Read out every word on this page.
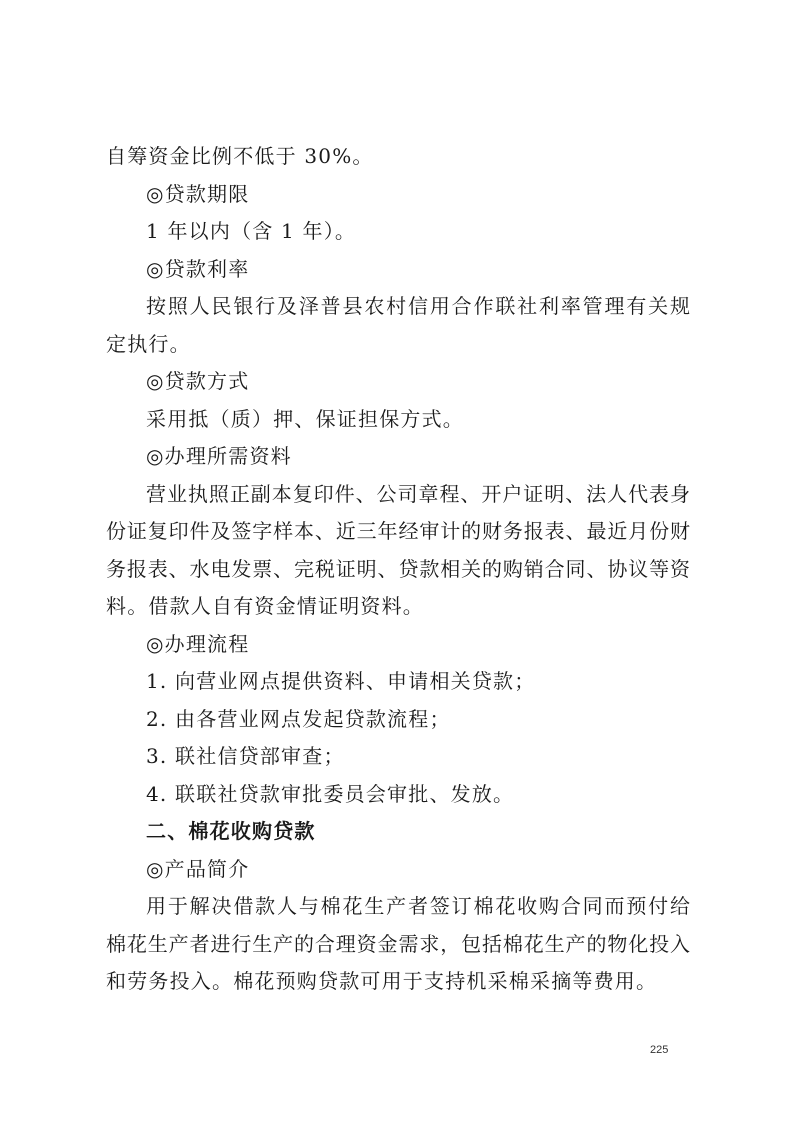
自筹资金比例不低于 30%。
◎贷款期限
1 年以内（含 1 年）。
◎贷款利率
按照人民银行及泽普县农村信用合作联社利率管理有关规
定执行。
◎贷款方式
采用抵（质）押、保证担保方式。
◎办理所需资料
营业执照正副本复印件、公司章程、开户证明、法人代表身
份证复印件及签字样本、近三年经审计的财务报表、最近月份财
务报表、水电发票、完税证明、贷款相关的购销合同、协议等资
料。借款人自有资金情证明资料。
◎办理流程
1. 向营业网点提供资料、申请相关贷款；
2. 由各营业网点发起贷款流程；
3. 联社信贷部审查；
4. 联联社贷款审批委员会审批、发放。
二、棉花收购贷款
◎产品简介
用于解决借款人与棉花生产者签订棉花收购合同而预付给
棉花生产者进行生产的合理资金需求，包括棉花生产的物化投入
和劳务投入。棉花预购贷款可用于支持机采棉采摘等费用。
225
